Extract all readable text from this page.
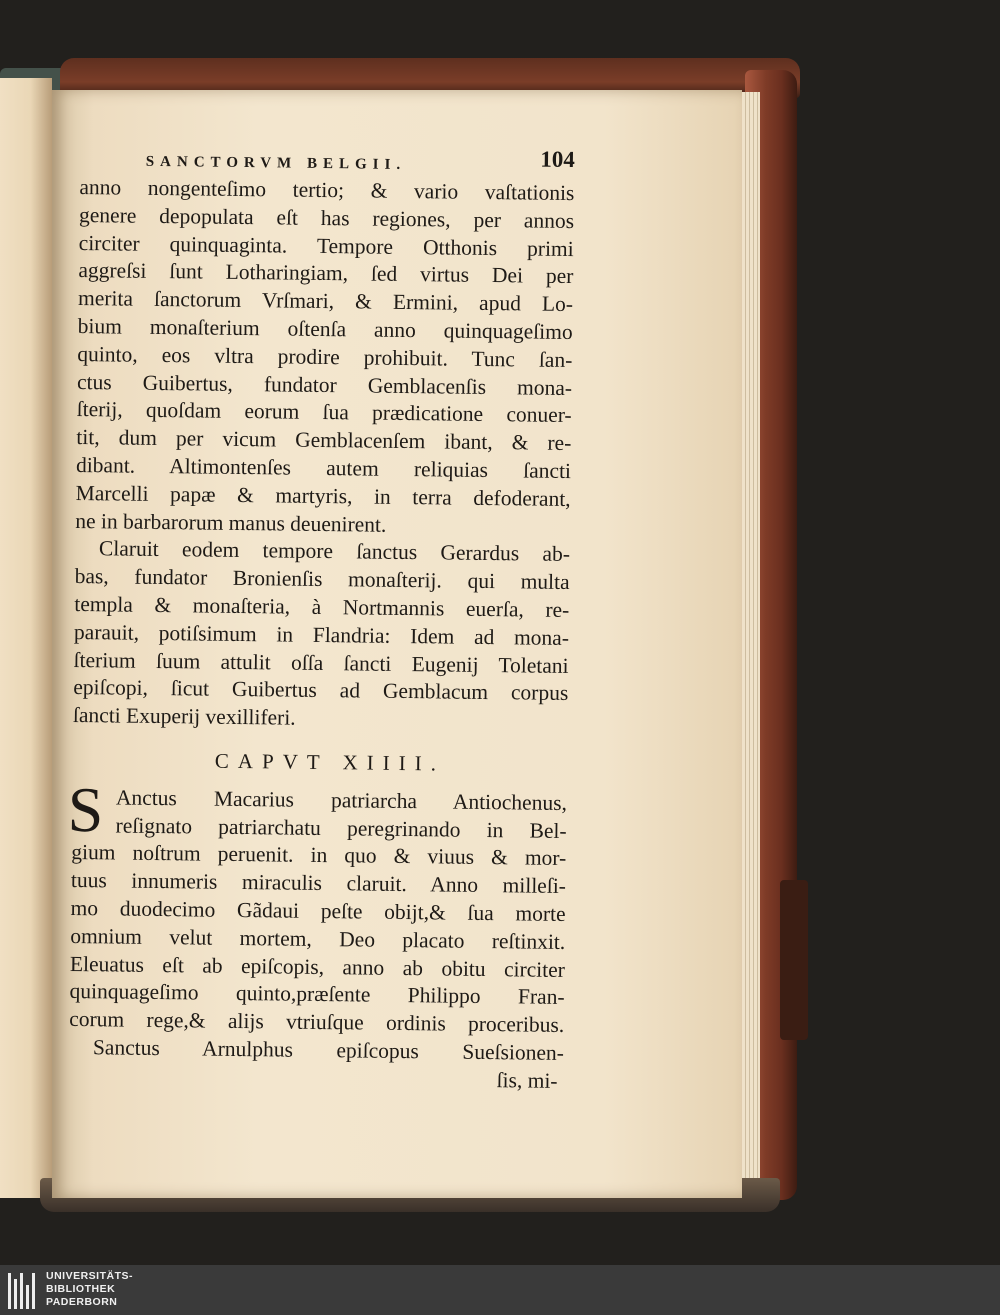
SANCTORVM BELGII.	104
anno nongenteſimo tertio; & vario vaſtationis
genere depopulata eſt has regiones, per annos
circiter quinquaginta. Tempore Otthonis primi
aggreſsi ſunt Lotharingiam, ſed virtus Dei per
merita ſanctorum Vrſmari, & Ermini, apud Lo-
bium monaſterium oſtenſa anno quinquageſimo
quinto, eos vltra prodire prohibuit. Tunc ſan-
ctus Guibertus, fundator Gemblacenſis mona-
ſterij, quoſdam eorum ſua prædicatione conuer-
tit, dum per vicum Gemblacenſem ibant, & re-
dibant. Altimontenſes autem reliquias ſancti
Marcelli papæ & martyris, in terra defoderant,
ne in barbarorum manus deuenirent.
Claruit eodem tempore ſanctus Gerardus ab-
bas, fundator Bronienſis monaſterij. qui multa
templa & monaſteria, à Nortmannis euerſa, re-
parauit, potiſsimum in Flandria: Idem ad mona-
ſterium ſuum attulit oſſa ſancti Eugenij Toletani
epiſcopi, ſicut Guibertus ad Gemblacum corpus
ſancti Exuperij vexilliferi.
CAPVT XIIII.
S Anctus Macarius patriarcha Antiochenus,
reſignato patriarchatu peregrinando in Bel-
gium noſtrum peruenit. in quo & viuus & mor-
tuus innumeris miraculis claruit. Anno milleſi-
mo duodecimo Gãdaui peſte obijt,& ſua morte
omnium velut mortem, Deo placato reſtinxit.
Eleuatus eſt ab epiſcopis, anno ab obitu circiter
quinquageſimo quinto,præſente Philippo Fran-
corum rege,& alijs vtriuſque ordinis proceribus.
Sanctus Arnulphus epiſcopus Sueſsionen-
ſis, mi-
UNIVERSITÄTS-
BIBLIOTHEK
PADERBORN
